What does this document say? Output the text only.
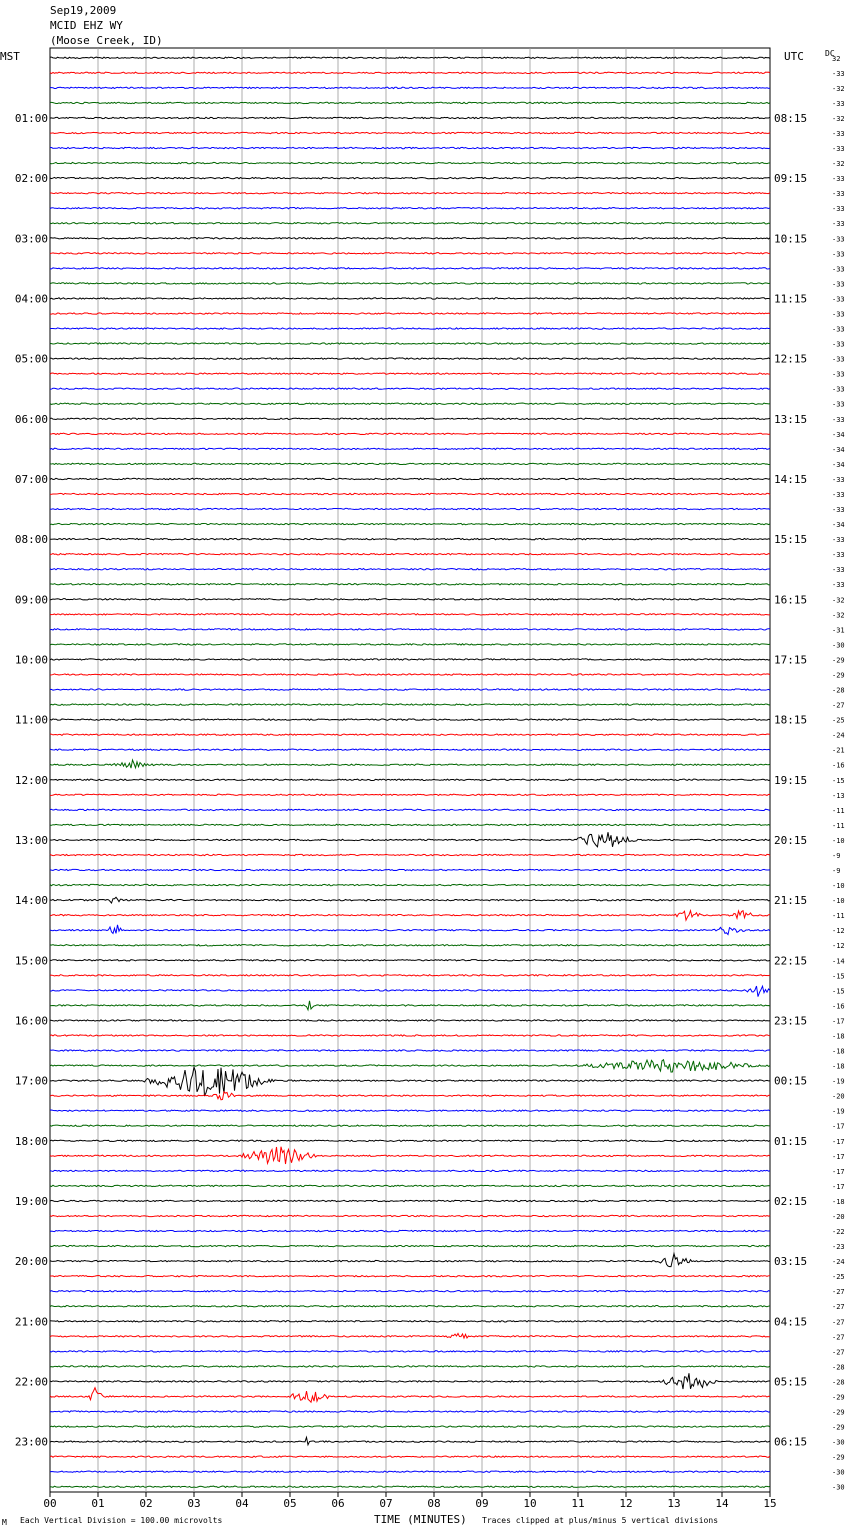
00	01	02	03	04	05	06	07	08	09	10	11	12	13	14	15
32
-33
-32
-33
-32
-33
-33
-32
-33
-33
-33
-33
-33
-33
-33
-33
-33
-33
-33
-33
-33
-33
-33
-33
-33
-34
-34
-34
-33
-33
-33
-34
-33
-33
-33
-33
-32
-32
-31
-30
-29
-29
-28
-27
-25
-24
-21
-16
-15
-13
-11
-11
-10
-9
-9
-10
-10
-11
-12
-12
-14
-15
-15
-16
-17
-18
-18
-18
-19
-20
-19
-17
-17
-17
-17
-17
-18
-20
-22
-23
-24
-25
-27
-27
-27
-27
-27
-28
-28
-29
-29
-29
-30
-29
-30
-30
01:00
02:00
03:00
04:00
05:00
06:00
07:00
08:00
09:00
10:00
11:00
12:00
13:00
14:00
15:00
16:00
17:00
18:00
19:00
20:00
21:00
22:00
23:00
08:15
09:15
10:15
11:15
12:15
13:15
14:15
15:15
16:15
17:15
18:15
19:15
20:15
21:15
22:15
23:15
00:15
01:15
02:15
03:15
04:15
05:15
06:15
Sep19,2009
MCID EHZ WY
(Moose Creek, ID)
MST	UTC	DC
M Each Vertical Division = 100.00 microvolts	TIME (MINUTES) Traces clipped at plus/minus 5 vertical divisions
